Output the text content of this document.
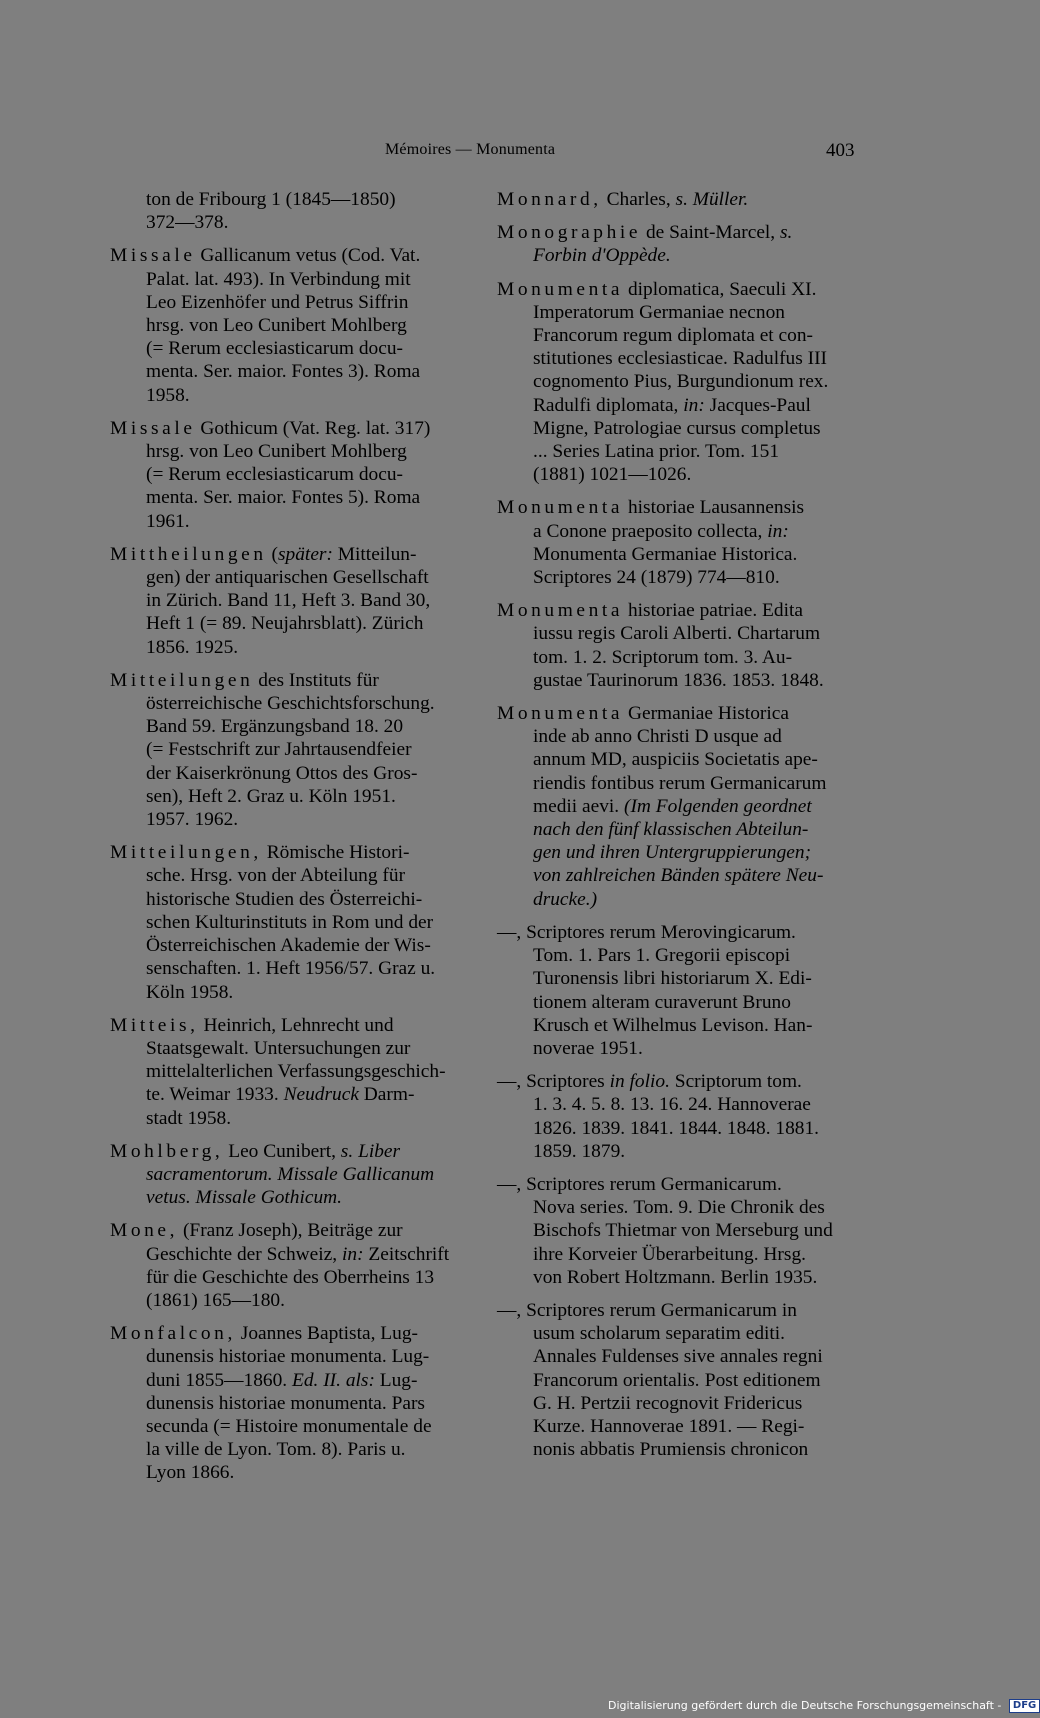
Mémoires — Monumenta	403
ton de Fribourg 1 (1845—1850)
372—378.
Missale Gallicanum vetus (Cod. Vat.
Palat. lat. 493). In Verbindung mit
Leo Eizenhöfer und Petrus Siffrin
hrsg. von Leo Cunibert Mohlberg
(= Rerum ecclesiasticarum docu-
menta. Ser. maior. Fontes 3). Roma
1958.
Missale Gothicum (Vat. Reg. lat. 317)
hrsg. von Leo Cunibert Mohlberg
(= Rerum ecclesiasticarum docu-
menta. Ser. maior. Fontes 5). Roma
1961.
Mittheilungen (später: Mitteilun-
gen) der antiquarischen Gesellschaft
in Zürich. Band 11, Heft 3. Band 30,
Heft 1 (= 89. Neujahrsblatt). Zürich
1856. 1925.
Mitteilungen des Instituts für
österreichische Geschichtsforschung.
Band 59. Ergänzungsband 18. 20
(= Festschrift zur Jahrtausendfeier
der Kaiserkrönung Ottos des Gros-
sen), Heft 2. Graz u. Köln 1951.
1957. 1962.
Mitteilungen, Römische Histori-
sche. Hrsg. von der Abteilung für
historische Studien des Österreichi-
schen Kulturinstituts in Rom und der
Österreichischen Akademie der Wis-
senschaften. 1. Heft 1956/57. Graz u.
Köln 1958.
Mitteis, Heinrich, Lehnrecht und
Staatsgewalt. Untersuchungen zur
mittelalterlichen Verfassungsgeschich-
te. Weimar 1933. Neudruck Darm-
stadt 1958.
Mohlberg, Leo Cunibert, s. Liber
sacramentorum. Missale Gallicanum
vetus. Missale Gothicum.
Mone, (Franz Joseph), Beiträge zur
Geschichte der Schweiz, in: Zeitschrift
für die Geschichte des Oberrheins 13
(1861) 165—180.
Monfalcon, Joannes Baptista, Lug-
dunensis historiae monumenta. Lug-
duni 1855—1860. Ed. II. als: Lug-
dunensis historiae monumenta. Pars
secunda (= Histoire monumentale de
la ville de Lyon. Tom. 8). Paris u.
Lyon 1866.
Monnard, Charles, s. Müller.
Monographie de Saint-Marcel, s.
Forbin d'Oppède.
Monumenta diplomatica, Saeculi XI.
Imperatorum Germaniae necnon
Francorum regum diplomata et con-
stitutiones ecclesiasticae. Radulfus III
cognomento Pius, Burgundionum rex.
Radulfi diplomata, in: Jacques-Paul
Migne, Patrologiae cursus completus
... Series Latina prior. Tom. 151
(1881) 1021—1026.
Monumenta historiae Lausannensis
a Conone praeposito collecta, in:
Monumenta Germaniae Historica.
Scriptores 24 (1879) 774—810.
Monumenta historiae patriae. Edita
iussu regis Caroli Alberti. Chartarum
tom. 1. 2. Scriptorum tom. 3. Au-
gustae Taurinorum 1836. 1853. 1848.
Monumenta Germaniae Historica
inde ab anno Christi D usque ad
annum MD, auspiciis Societatis ape-
riendis fontibus rerum Germanicarum
medii aevi. (Im Folgenden geordnet
nach den fünf klassischen Abteilun-
gen und ihren Untergruppierungen;
von zahlreichen Bänden spätere Neu-
drucke.)
—, Scriptores rerum Merovingicarum.
Tom. 1. Pars 1. Gregorii episcopi
Turonensis libri historiarum X. Edi-
tionem alteram curaverunt Bruno
Krusch et Wilhelmus Levison. Han-
noverae 1951.
—, Scriptores in folio. Scriptorum tom.
1. 3. 4. 5. 8. 13. 16. 24. Hannoverae
1826. 1839. 1841. 1844. 1848. 1881.
1859. 1879.
—, Scriptores rerum Germanicarum.
Nova series. Tom. 9. Die Chronik des
Bischofs Thietmar von Merseburg und
ihre Korveier Überarbeitung. Hrsg.
von Robert Holtzmann. Berlin 1935.
—, Scriptores rerum Germanicarum in
usum scholarum separatim editi.
Annales Fuldenses sive annales regni
Francorum orientalis. Post editionem
G. H. Pertzii recognovit Fridericus
Kurze. Hannoverae 1891. — Regi-
nonis abbatis Prumiensis chronicon
Digitalisierung gefördert durch die Deutsche Forschungsgemeinschaft - DFG
